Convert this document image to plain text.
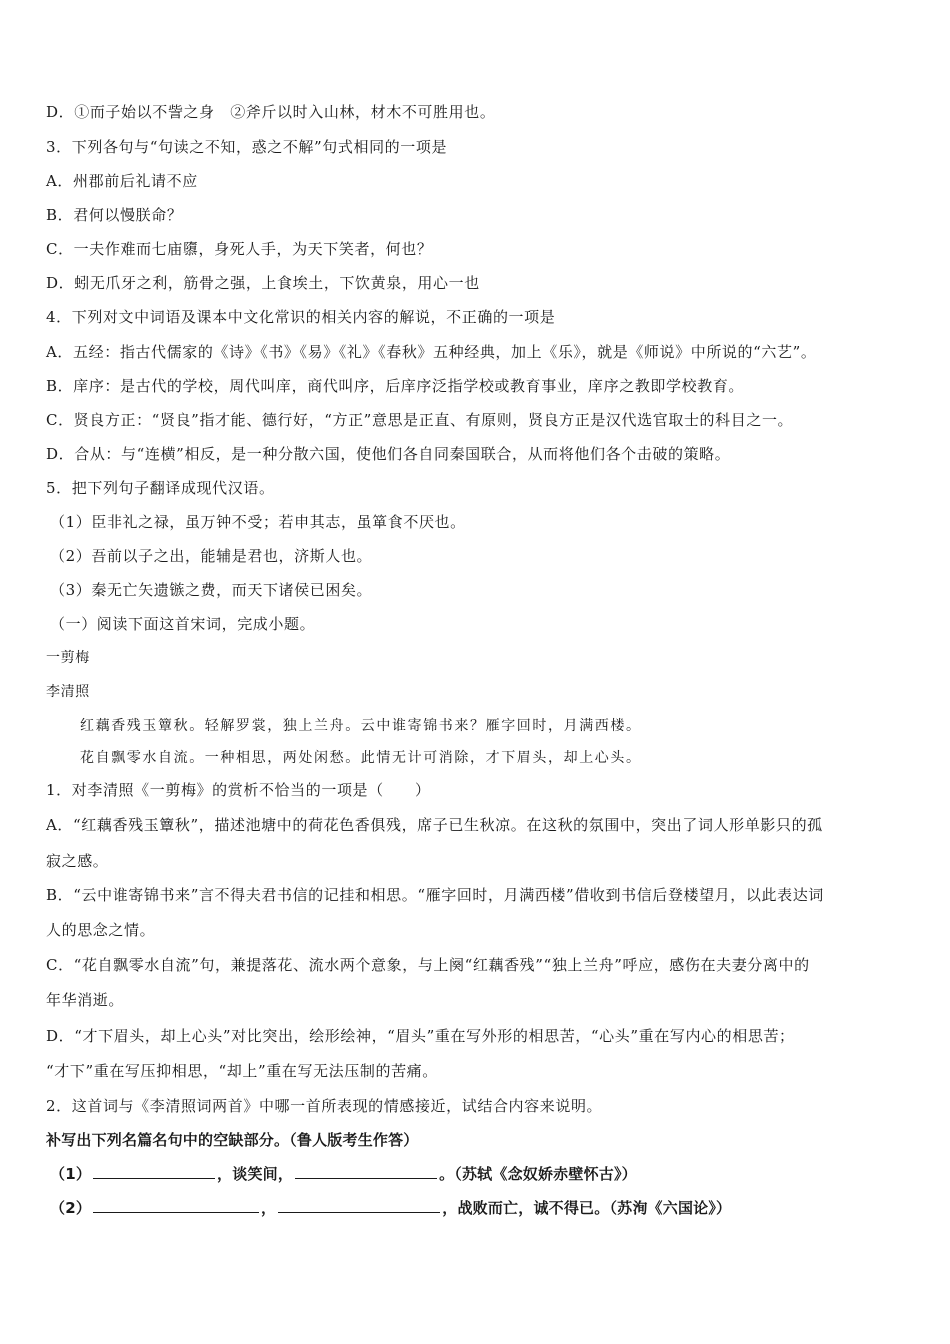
D．①而子始以不訾之身　②斧斤以时入山林，材木不可胜用也。
3．下列各句与“句读之不知，惑之不解”句式相同的一项是
A．州郡前后礼请不应
B．君何以慢朕命？
C．一夫作难而七庙隳，身死人手，为天下笑者，何也？
D．蚓无爪牙之利，筋骨之强，上食埃土，下饮黄泉，用心一也
4．下列对文中词语及课本中文化常识的相关内容的解说，不正确的一项是
A．五经：指古代儒家的《诗》《书》《易》《礼》《春秋》五种经典，加上《乐》，就是《师说》中所说的“六艺”。
B．庠序：是古代的学校，周代叫庠，商代叫序，后庠序泛指学校或教育事业，庠序之教即学校教育。
C．贤良方正：“贤良”指才能、德行好，“方正”意思是正直、有原则，贤良方正是汉代选官取士的科目之一。
D．合从：与“连横”相反，是一种分散六国，使他们各自同秦国联合，从而将他们各个击破的策略。
5．把下列句子翻译成现代汉语。
（1）臣非礼之禄，虽万钟不受；若申其志，虽箪食不厌也。
（2）吾前以子之出，能辅是君也，济斯人也。
（3）秦无亡矢遗镞之费，而天下诸侯已困矣。
（一）阅读下面这首宋词，完成小题。
一剪梅
李清照
红藕香残玉簟秋。轻解罗裳，独上兰舟。云中谁寄锦书来？雁字回时，月满西楼。
花自飘零水自流。一种相思，两处闲愁。此情无计可消除，才下眉头，却上心头。
1．对李清照《一剪梅》的赏析不恰当的一项是（　　）
A．“红藕香残玉簟秋”，描述池塘中的荷花色香俱残，席子已生秋凉。在这秋的氛围中，突出了词人形单影只的孤
寂之感。
B．“云中谁寄锦书来”言不得夫君书信的记挂和相思。“雁字回时，月满西楼”借收到书信后登楼望月，以此表达词
人的思念之情。
C．“花自飘零水自流”句，兼提落花、流水两个意象，与上阕“红藕香残”“独上兰舟”呼应，感伤在夫妻分离中的
年华消逝。
D．“才下眉头，却上心头”对比突出，绘形绘神，“眉头”重在写外形的相思苦，“心头”重在写内心的相思苦；
“才下”重在写压抑相思，“却上”重在写无法压制的苦痛。
2．这首词与《李清照词两首》中哪一首所表现的情感接近，试结合内容来说明。
补写出下列名篇名句中的空缺部分。（鲁人版考生作答）
（1）	，谈笑间，	。（苏轼《念奴娇赤壁怀古》）
（2）	，	，战败而亡，诚不得已。（苏洵《六国论》）
